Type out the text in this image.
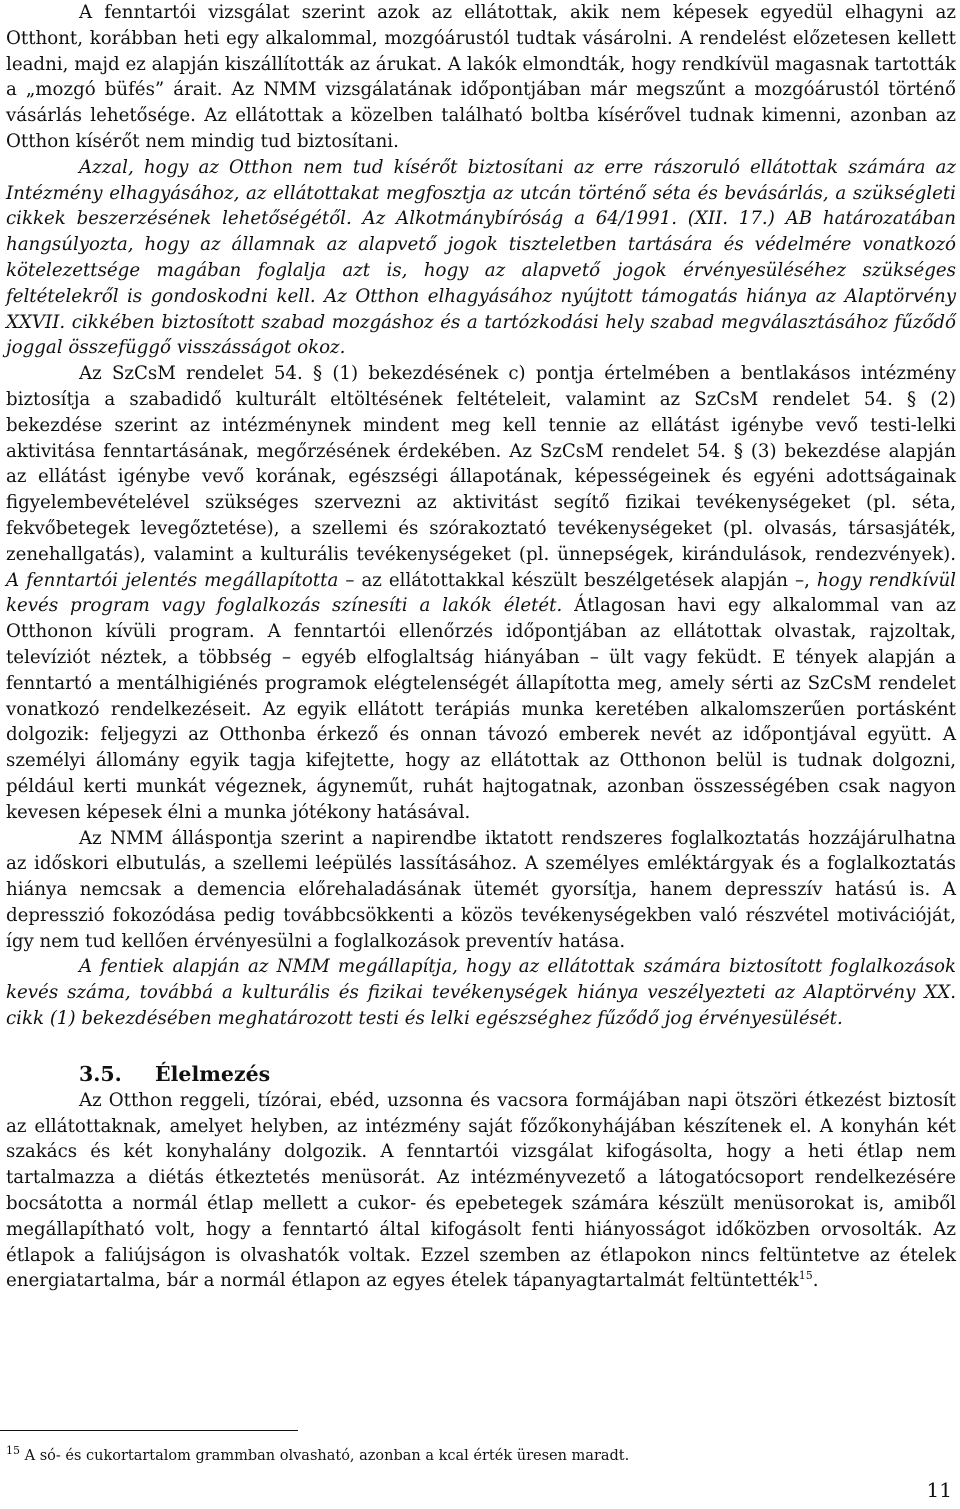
A fenntartói vizsgálat szerint azok az ellátottak, akik nem képesek egyedül elhagyni az Otthont, korábban heti egy alkalommal, mozgóárustól tudtak vásárolni. A rendelést előzetesen kellett leadni, majd ez alapján kiszállították az árukat. A lakók elmondták, hogy rendkívül magasnak tartották a „mozgó büfés” árait. Az NMM vizsgálatának időpontjában már megszűnt a mozgóárustól történő vásárlás lehetősége. Az ellátottak a közelben található boltba kísérővel tudnak kimenni, azonban az Otthon kísérőt nem mindig tud biztosítani.

Azzal, hogy az Otthon nem tud kísérőt biztosítani az erre rászoruló ellátottak számára az Intézmény elhagyásához, az ellátottakat megfosztja az utcán történő séta és bevásárlás, a szükségleti cikkek beszerzésének lehetőségétől. Az Alkotmánybíróság a 64/1991. (XII. 17.) AB határozatában hangsúlyozta, hogy az államnak az alapvető jogok tiszteletben tartására és védelmére vonatkozó kötelezettsége magában foglalja azt is, hogy az alapvető jogok érvényesüléséhez szükséges feltételekről is gondoskodni kell. Az Otthon elhagyásához nyújtott támogatás hiánya az Alaptörvény XXVII. cikkében biztosított szabad mozgáshoz és a tartózkodási hely szabad megválasztásához fűződő joggal összefüggő visszásságot okoz.

Az SzCsM rendelet 54. § (1) bekezdésének c) pontja értelmében a bentlakásos intézmény biztosítja a szabadidő kulturált eltöltésének feltételeit, valamint az SzCsM rendelet 54. § (2) bekezdése szerint az intézménynek mindent meg kell tennie az ellátást igénybe vevő testi-lelki aktivitása fenntartásának, megőrzésének érdekében. Az SzCsM rendelet 54. § (3) bekezdése alapján az ellátást igénybe vevő korának, egészségi állapotának, képességeinek és egyéni adottságainak figyelembevételével szükséges szervezni az aktivitást segítő fizikai tevékenységeket (pl. séta, fekvőbetegek levegőztetése), a szellemi és szórakoztató tevékenységeket (pl. olvasás, társasjáték, zenehallgatás), valamint a kulturális tevékenységeket (pl. ünnepségek, kirándulások, rendezvények). A fenntartói jelentés megállapította – az ellátottakkal készült beszélgetések alapján –, hogy rendkívül kevés program vagy foglalkozás színesíti a lakók életét. Átlagosan havi egy alkalommal van az Otthonon kívüli program. A fenntartói ellenőrzés időpontjában az ellátottak olvastak, rajzoltak, televíziót néztek, a többség – egyéb elfoglaltság hiányában – ült vagy feküdt. E tények alapján a fenntartó a mentálhigiénés programok elégtelenségét állapította meg, amely sérti az SzCsM rendelet vonatkozó rendelkezéseit. Az egyik ellátott terápiás munka keretében alkalomszerűen portásként dolgozik: feljegyzi az Otthonba érkező és onnan távozó emberek nevét az időpontjával együtt. A személyi állomány egyik tagja kifejtette, hogy az ellátottak az Otthonon belül is tudnak dolgozni, például kerti munkát végeznek, ágyneműt, ruhát hajtogatnak, azonban összességében csak nagyon kevesen képesek élni a munka jótékony hatásával.

Az NMM álláspontja szerint a napirendbe iktatott rendszeres foglalkoztatás hozzájárulhatna az időskori elbutulás, a szellemi leépülés lassításához. A személyes emléktárgyak és a foglalkoztatás hiánya nemcsak a demencia előrehaladásának ütemét gyorsítja, hanem depresszív hatású is. A depresszió fokozódása pedig továbbcsökkenti a közös tevékenységekben való részvétel motivációját, így nem tud kellően érvényesülni a foglalkozások preventív hatása.

A fentiek alapján az NMM megállapítja, hogy az ellátottak számára biztosított foglalkozások kevés száma, továbbá a kulturális és fizikai tevékenységek hiánya veszélyezteti az Alaptörvény XX. cikk (1) bekezdésében meghatározott testi és lelki egészséghez fűződő jog érvényesülését.

3.5. Élelmezés

Az Otthon reggeli, tízórai, ebéd, uzsonna és vacsora formájában napi ötszöri étkezést biztosít az ellátottaknak, amelyet helyben, az intézmény saját főzőkonyhájában készítenek el. A konyhán két szakács és két konyhalány dolgozik. A fenntartói vizsgálat kifogásolta, hogy a heti étlap nem tartalmazza a diétás étkeztetés menüsorát. Az intézményvezető a látogatócsoport rendelkezésére bocsátotta a normál étlap mellett a cukor- és epebetegek számára készült menüsorokat is, amiből megállapítható volt, hogy a fenntartó által kifogásolt fenti hiányosságot időközben orvosolták. Az étlapok a faliújságon is olvashatók voltak. Ezzel szemben az étlapokon nincs feltüntetve az ételek energiatartalma, bár a normál étlapon az egyes ételek tápanyagtartalmát feltüntették$^{15}$.

$^{15}$ A só- és cukortartalom grammban olvasható, azonban a kcal érték üresen maradt.
11
